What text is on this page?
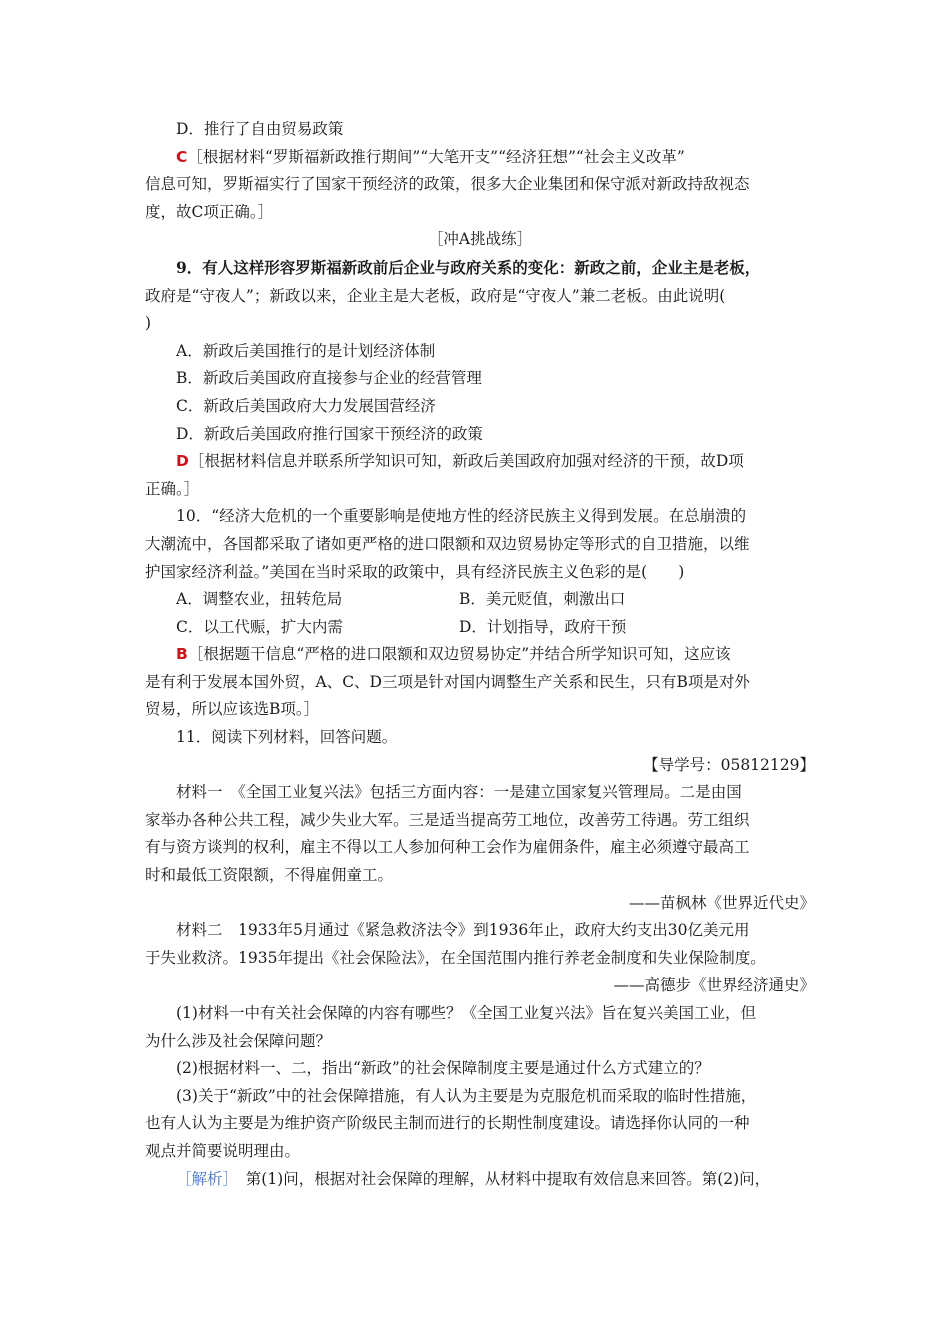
D．推行了自由贸易政策
C［根据材料“罗斯福新政推行期间”“大笔开支”“经济狂想”“社会主义改革”
信息可知，罗斯福实行了国家干预经济的政策，很多大企业集团和保守派对新政持敌视态
度，故C项正确。］
［冲A挑战练］
9．有人这样形容罗斯福新政前后企业与政府关系的变化：新政之前，企业主是老板，
政府是“守夜人”；新政以来，企业主是大老板，政府是“守夜人”兼二老板。由此说明(
)
A．新政后美国推行的是计划经济体制
B．新政后美国政府直接参与企业的经营管理
C．新政后美国政府大力发展国营经济
D．新政后美国政府推行国家干预经济的政策
D［根据材料信息并联系所学知识可知，新政后美国政府加强对经济的干预，故D项
正确。］
10．“经济大危机的一个重要影响是使地方性的经济民族主义得到发展。在总崩溃的
大潮流中，各国都采取了诸如更严格的进口限额和双边贸易协定等形式的自卫措施，以维
护国家经济利益。”美国在当时采取的政策中，具有经济民族主义色彩的是(　　)
A．调整农业，扭转危局	B．美元贬值，刺激出口
C．以工代赈，扩大内需	D．计划指导，政府干预
B［根据题干信息“严格的进口限额和双边贸易协定”并结合所学知识可知，这应该
是有利于发展本国外贸，A、C、D三项是针对国内调整生产关系和民生，只有B项是对外
贸易，所以应该选B项。］
11．阅读下列材料，回答问题。
【导学号：05812129】
材料一　《全国工业复兴法》包括三方面内容：一是建立国家复兴管理局。二是由国
家举办各种公共工程，减少失业大军。三是适当提高劳工地位，改善劳工待遇。劳工组织
有与资方谈判的权利，雇主不得以工人参加何种工会作为雇佣条件，雇主必须遵守最高工
时和最低工资限额，不得雇佣童工。
——苗枫林《世界近代史》
材料二　1933年5月通过《紧急救济法令》到1936年止，政府大约支出30亿美元用
于失业救济。1935年提出《社会保险法》，在全国范围内推行养老金制度和失业保险制度。
——高德步《世界经济通史》
(1)材料一中有关社会保障的内容有哪些？《全国工业复兴法》旨在复兴美国工业，但
为什么涉及社会保障问题？
(2)根据材料一、二，指出“新政”的社会保障制度主要是通过什么方式建立的？
(3)关于“新政”中的社会保障措施，有人认为主要是为克服危机而采取的临时性措施，
也有人认为主要是为维护资产阶级民主制而进行的长期性制度建设。请选择你认同的一种
观点并简要说明理由。
［解析］　第(1)问，根据对社会保障的理解，从材料中提取有效信息来回答。第(2)问，
